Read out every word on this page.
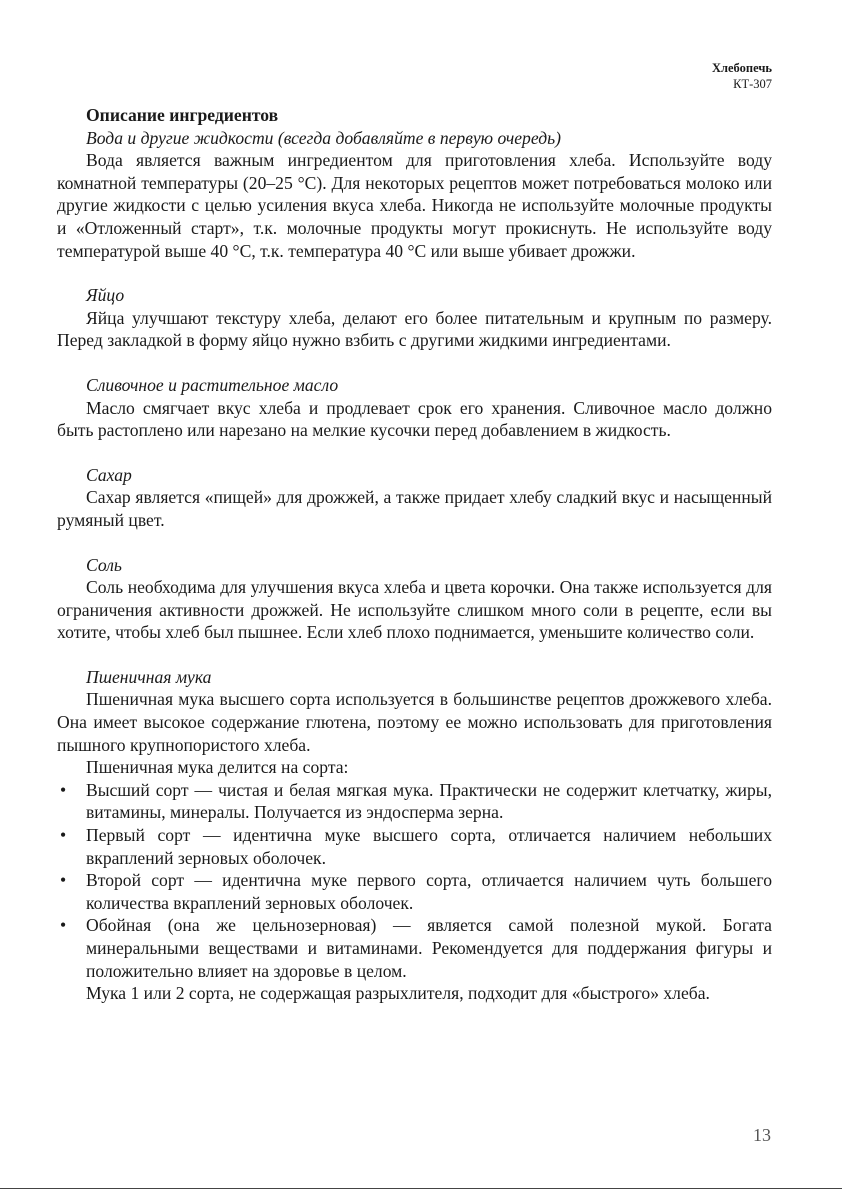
Хлебопечь
КТ-307
Описание ингредиентов

Вода и другие жидкости (всегда добавляйте в первую очередь)

Вода является важным ингредиентом для приготовления хлеба. Используйте воду комнатной температуры (20–25 °С). Для некоторых рецептов может потребоваться молоко или другие жидкости с целью усиления вкуса хлеба. Никогда не используйте молочные продукты и «Отложенный старт», т.к. молочные продукты могут прокиснуть. Не используйте воду температурой выше 40 °С, т.к. температура 40 °С или выше убивает дрожжи.

Яйцо

Яйца улучшают текстуру хлеба, делают его более питательным и крупным по размеру. Перед закладкой в форму яйцо нужно взбить с другими жидкими ингредиентами.

Сливочное и растительное масло

Масло смягчает вкус хлеба и продлевает срок его хранения. Сливочное масло должно быть растоплено или нарезано на мелкие кусочки перед добавлением в жидкость.

Сахар

Сахар является «пищей» для дрожжей, а также придает хлебу сладкий вкус и насыщенный румяный цвет.

Соль

Соль необходима для улучшения вкуса хлеба и цвета корочки. Она также используется для ограничения активности дрожжей. Не используйте слишком много соли в рецепте, если вы хотите, чтобы хлеб был пышнее. Если хлеб плохо поднимается, уменьшите количество соли.

Пшеничная мука

Пшеничная мука высшего сорта используется в большинстве рецептов дрожжевого хлеба. Она имеет высокое содержание глютена, поэтому ее можно использовать для приготовления пышного крупнопористого хлеба.

Пшеничная мука делится на сорта:

• Высший сорт — чистая и белая мягкая мука. Практически не содержит клетчатку, жиры, витамины, минералы. Получается из эндосперма зерна.
• Первый сорт — идентична муке высшего сорта, отличается наличием небольших вкраплений зерновых оболочек.
• Второй сорт — идентична муке первого сорта, отличается наличием чуть большего количества вкраплений зерновых оболочек.
• Обойная (она же цельнозерновая) — является самой полезной мукой. Богата минеральными веществами и витаминами. Рекомендуется для поддержания фигуры и положительно влияет на здоровье в целом.

Мука 1 или 2 сорта, не содержащая разрыхлителя, подходит для «быстрого» хлеба.

13
